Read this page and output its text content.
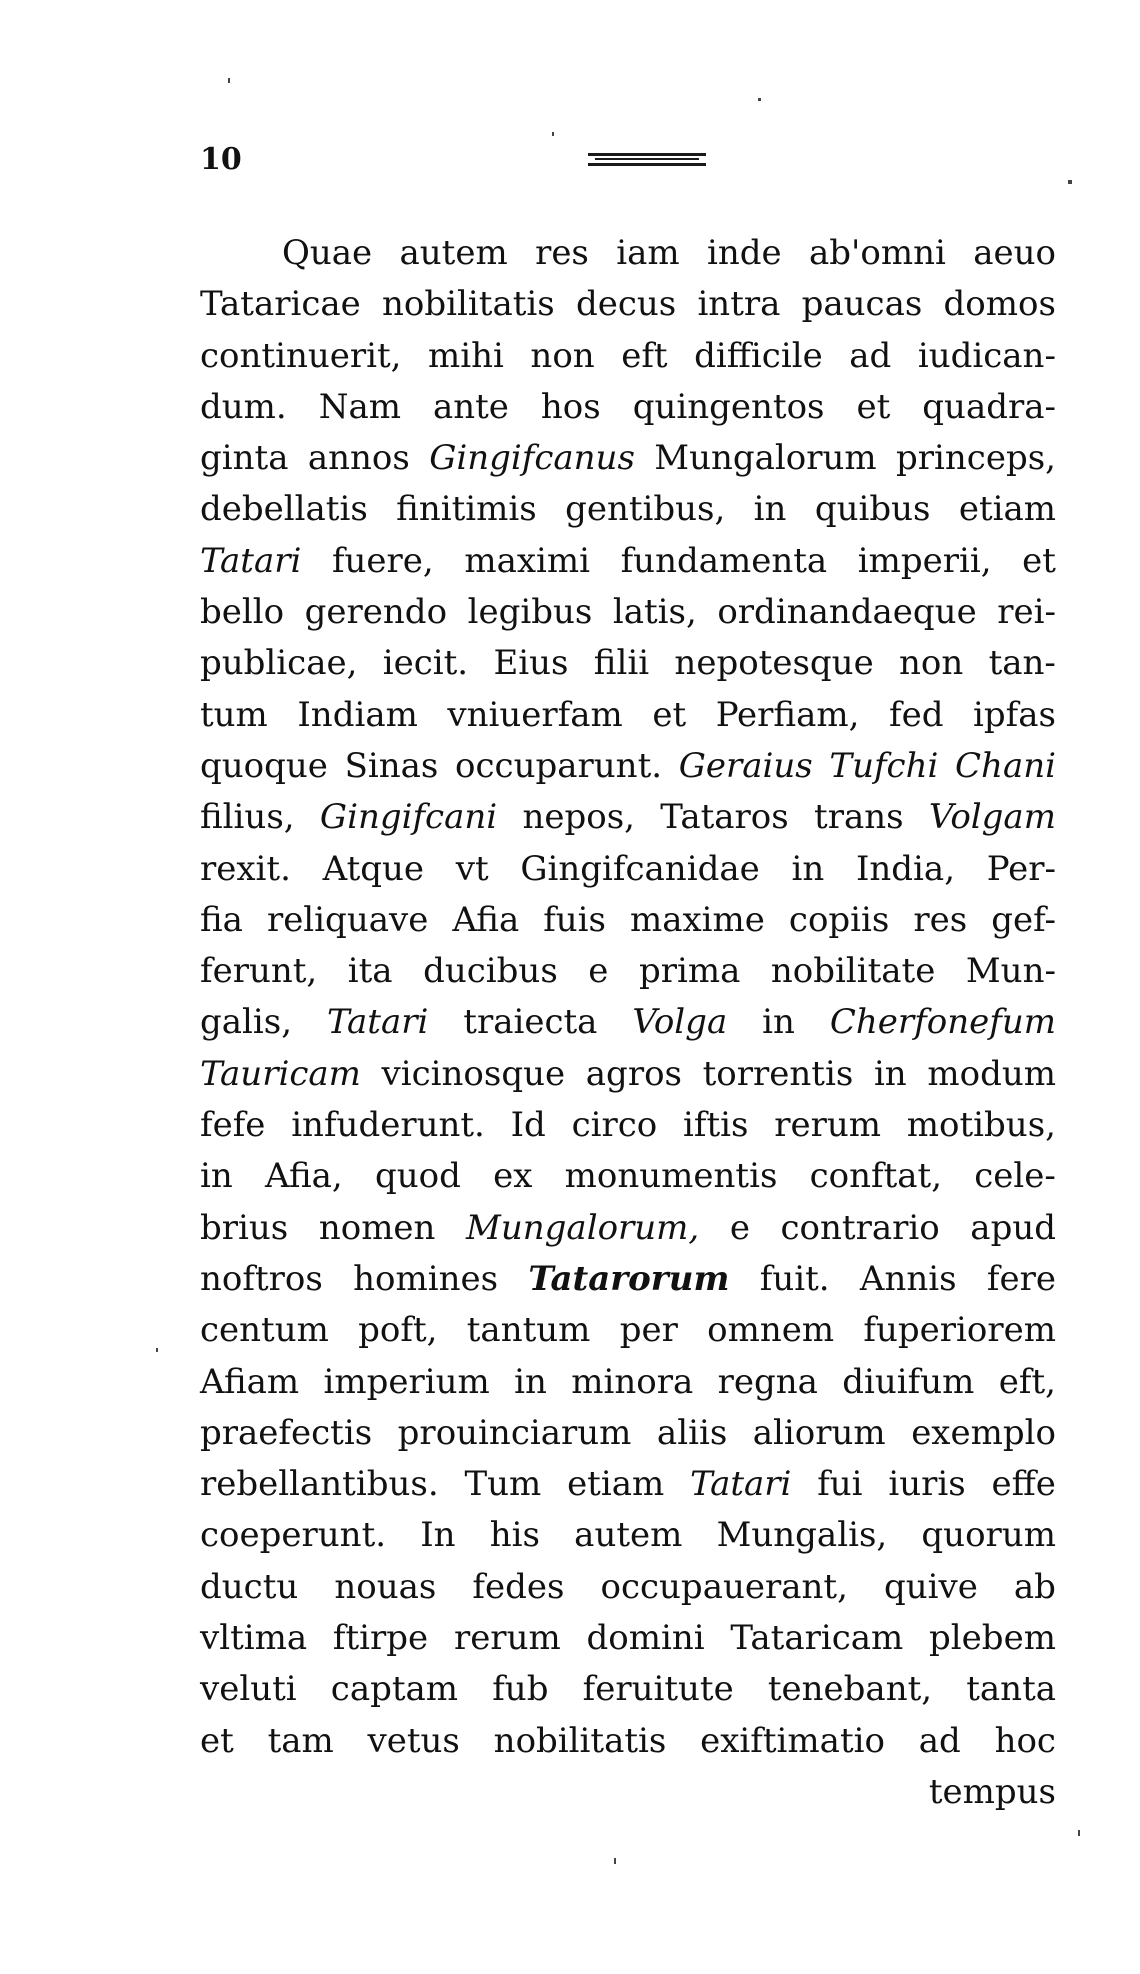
10
Quae autem res iam inde ab'omni aeuo
Tataricae nobilitatis decus intra paucas domos
continuerit, mihi non eft difficile ad iudican-
dum. Nam ante hos quingentos et quadra-
ginta annos Gingifcanus Mungalorum princeps,
debellatis finitimis gentibus, in quibus etiam
Tatari fuere, maximi fundamenta imperii, et
bello gerendo legibus latis, ordinandaeque rei-
publicae, iecit. Eius filii nepotesque non tan-
tum Indiam vniuerfam et Perfiam, fed ipfas
quoque Sinas occuparunt. Geraius Tufchi Chani
filius, Gingifcani nepos, Tataros trans Volgam
rexit. Atque vt Gingifcanidae in India, Per-
fia reliquave Afia fuis maxime copiis res gef-
ferunt, ita ducibus e prima nobilitate Mun-
galis, Tatari traiecta Volga in Cherfonefum
Tauricam vicinosque agros torrentis in modum
fefe infuderunt. Id circo iftis rerum motibus,
in Afia, quod ex monumentis conftat, cele-
brius nomen Mungalorum, e contrario apud
noftros homines Tatarorum fuit. Annis fere
centum poft, tantum per omnem fuperiorem
Afiam imperium in minora regna diuifum eft,
praefectis prouinciarum aliis aliorum exemplo
rebellantibus. Tum etiam Tatari fui iuris effe
coeperunt. In his autem Mungalis, quorum
ductu nouas fedes occupauerant, quive ab
vltima ftirpe rerum domini Tataricam plebem
veluti captam fub feruitute tenebant, tanta
et tam vetus nobilitatis exiftimatio ad hoc
tempus
